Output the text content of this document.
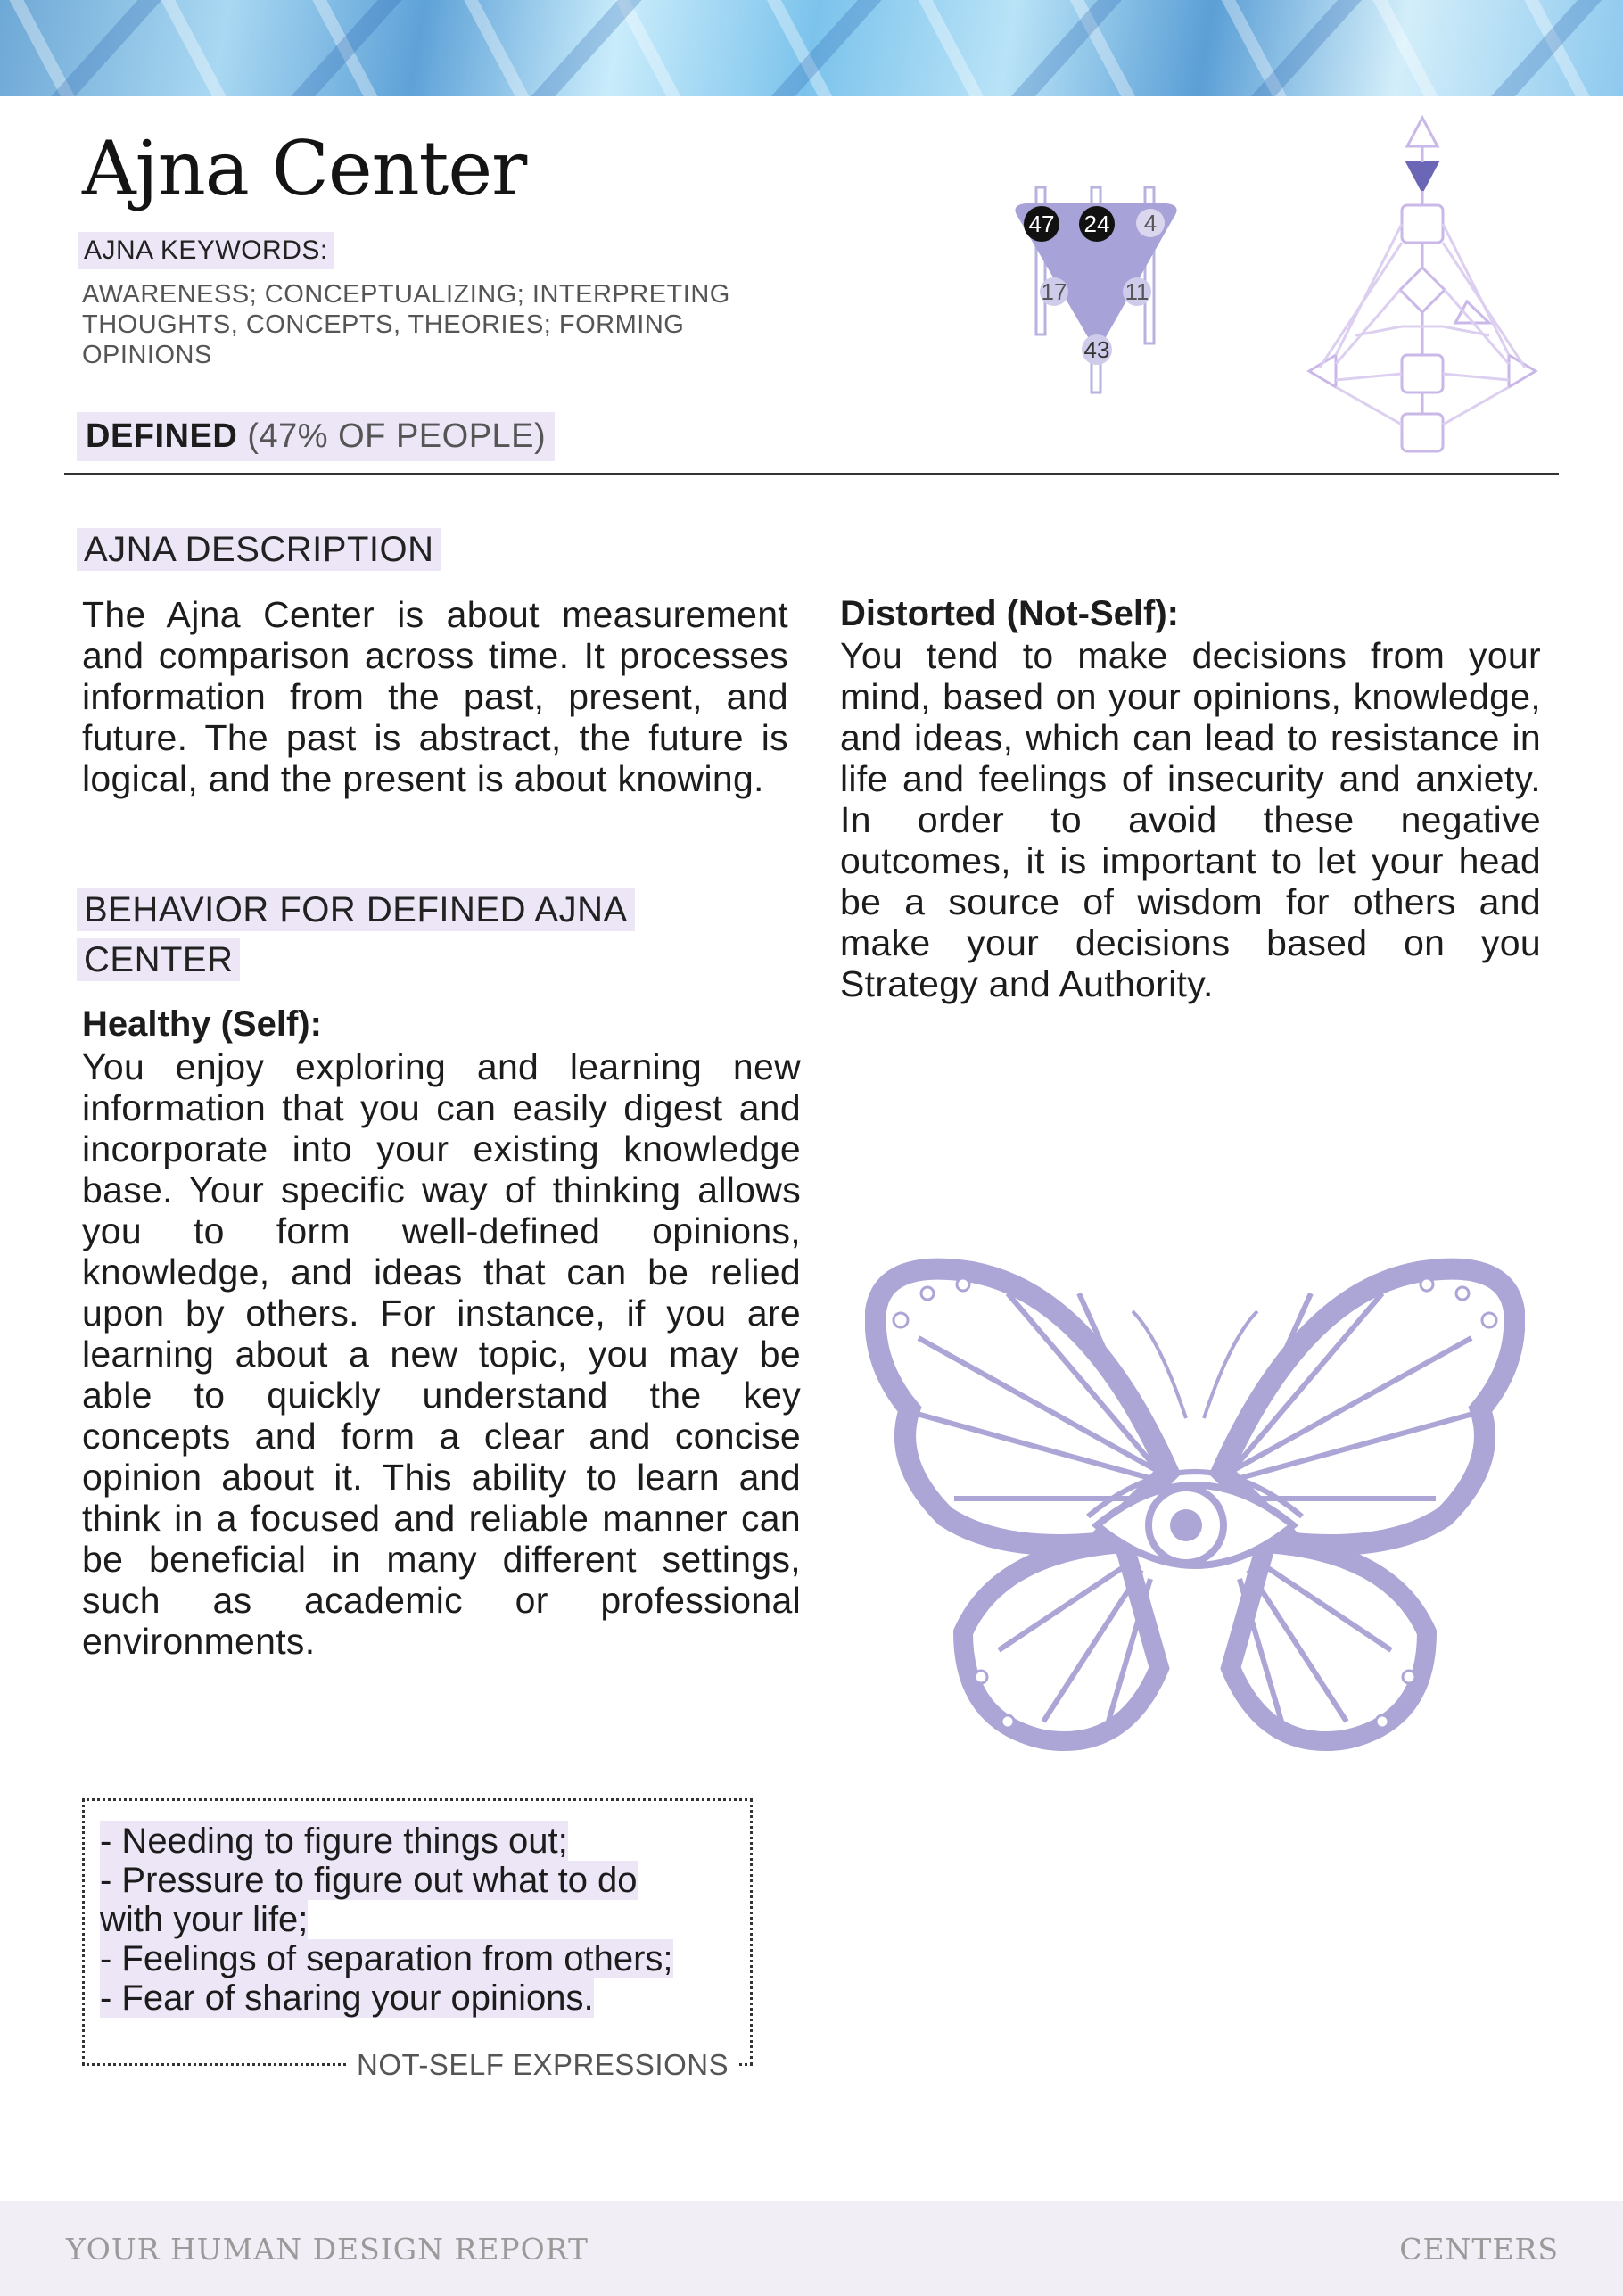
Ajna Center
AJNA KEYWORDS:
AWARENESS; CONCEPTUALIZING; INTERPRETING THOUGHTS, CONCEPTS, THEORIES; FORMING OPINIONS
DEFINED (47% OF PEOPLE)
47 24 4
17	11
43
AJNA DESCRIPTION
The Ajna Center is about measurement and comparison across time. It processes information from the past, present, and future. The past is abstract, the future is logical, and the present is about knowing.
BEHAVIOR FOR DEFINED AJNA
CENTER
Healthy (Self):
You enjoy exploring and learning new information that you can easily digest and incorporate into your existing knowledge base. Your specific way of thinking allows you to form well-defined opinions, knowledge, and ideas that can be relied upon by others. For instance, if you are learning about a new topic, you may be able to quickly understand the key concepts and form a clear and concise opinion about it. This ability to learn and think in a focused and reliable manner can be beneficial in many different settings, such as academic or professional environments.
Distorted (Not-Self):
You tend to make decisions from your mind, based on your opinions, knowledge, and ideas, which can lead to resistance in life and feelings of insecurity and anxiety. In order to avoid these negative outcomes, it is important to let your head be a source of wisdom for others and make your decisions based on you Strategy and Authority.
- Needing to figure things out;
- Pressure to figure out what to do
with your life;
- Feelings of separation from others;
- Fear of sharing your opinions.
NOT-SELF EXPRESSIONS
YOUR HUMAN DESIGN REPORT	CENTERS
